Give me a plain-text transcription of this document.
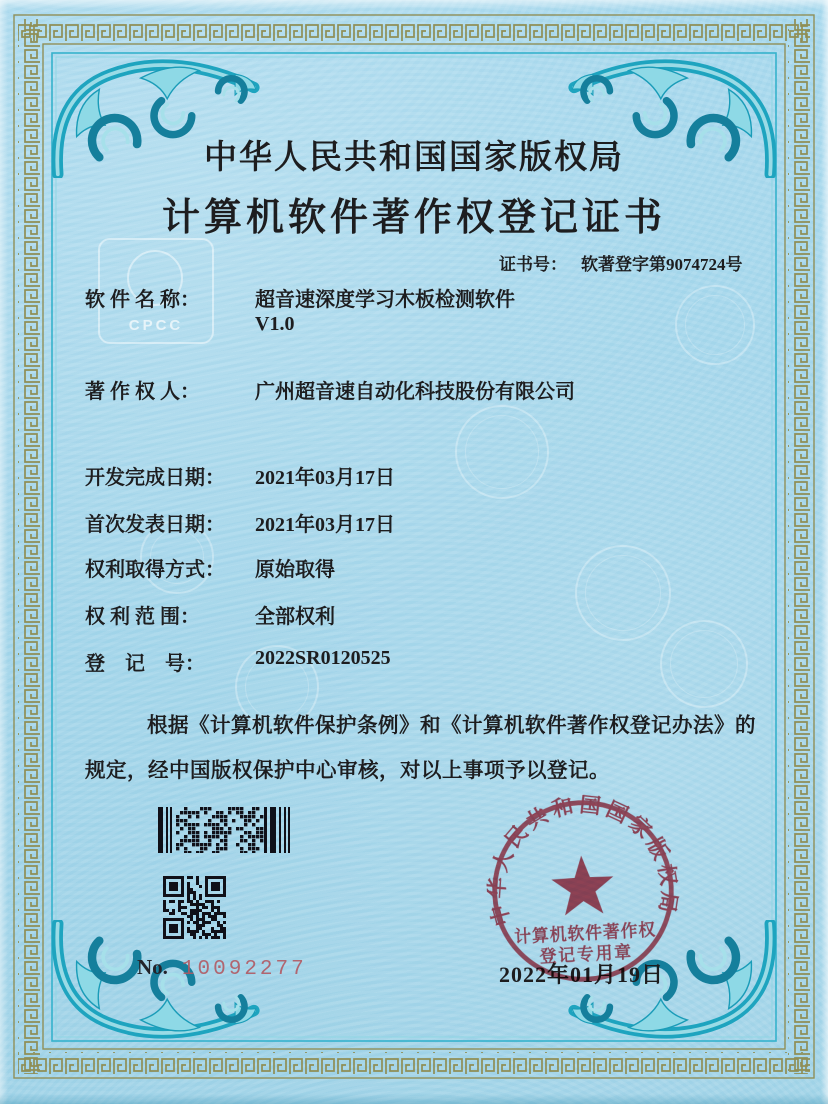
CPCC
中华人民共和国国家版权局
计算机软件著作权登记证书
证书号： 软著登字第9074724号
软 件 名 称：	超音速深度学习木板检测软件
V1.0
著 作 权 人：	广州超音速自动化科技股份有限公司
开发完成日期： 2021年03月17日
首次发表日期： 2021年03月17日
权利取得方式： 原始取得
权 利 范 围：	全部权利
登　记　号：	2022SR0120525
根据《计算机软件保护条例》和《计算机软件著作权登记办法》的
规定，经中国版权保护中心审核，对以上事项予以登记。
No. 10092277	2022年01月19日
中华人民共和国国家版权局
计算机软件著作权
登记专用章
